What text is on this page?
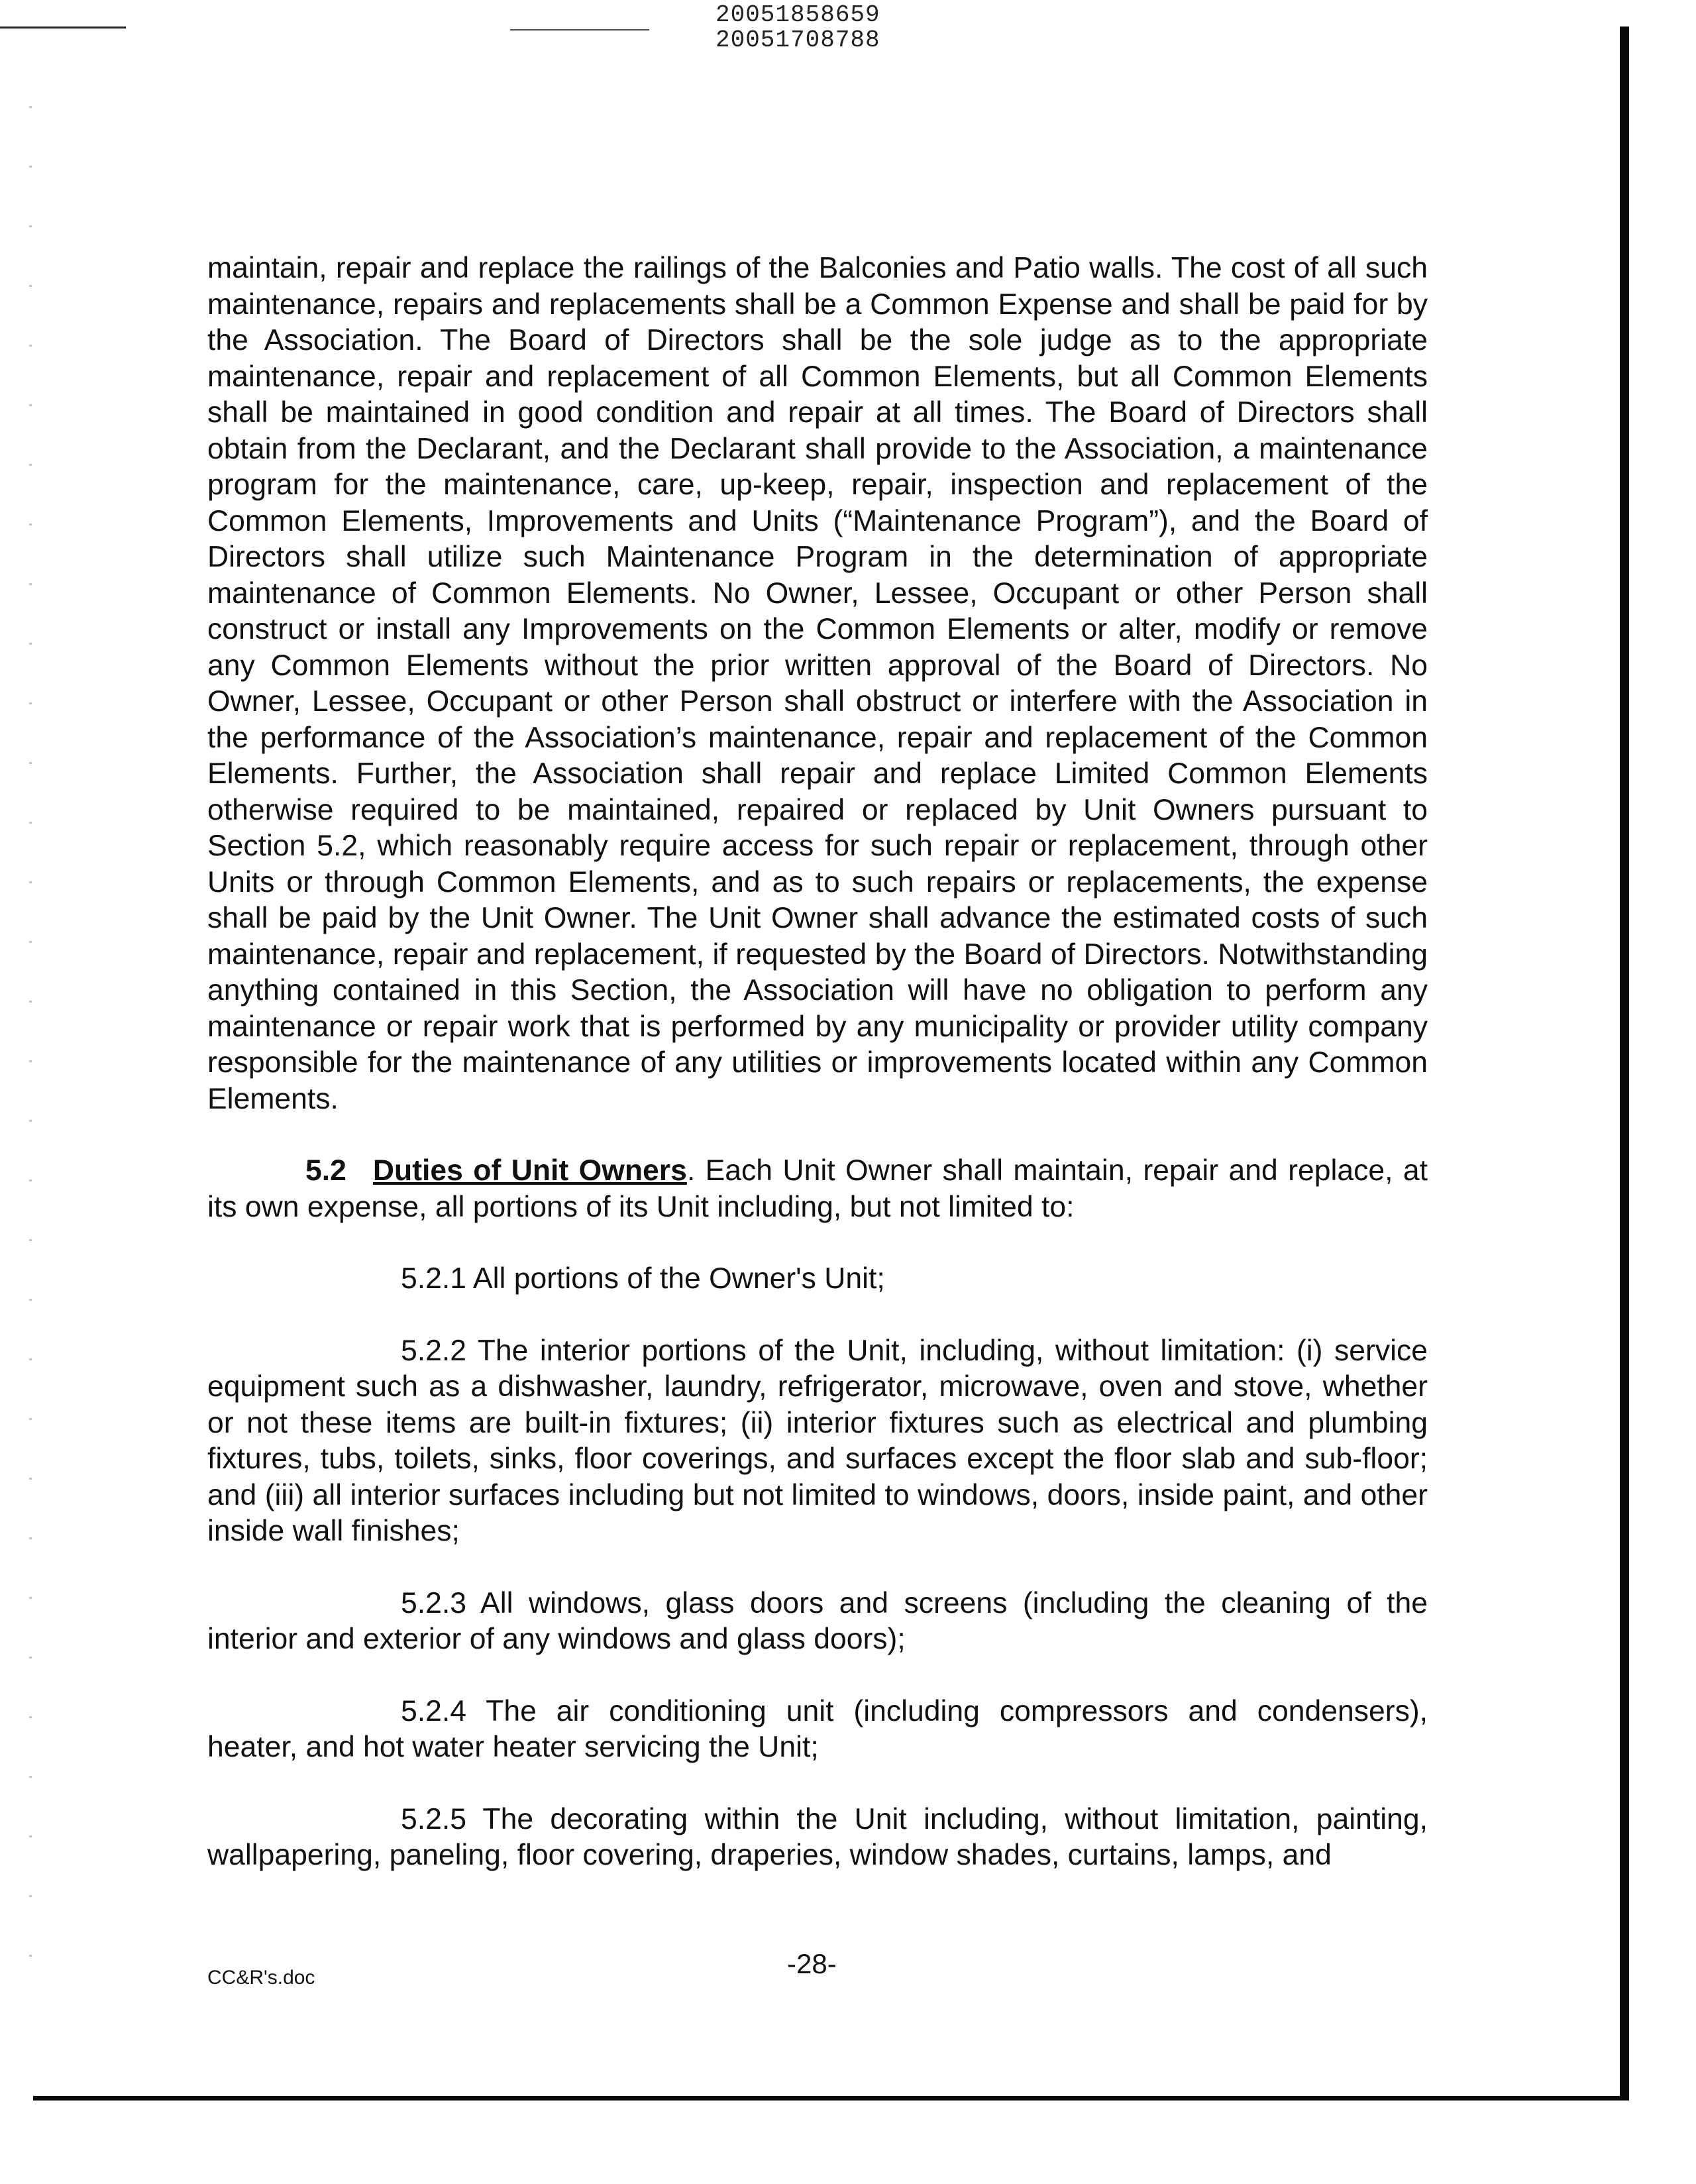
20051858659
20051708788

maintain, repair and replace the railings of the Balconies and Patio walls. The cost of all such maintenance, repairs and replacements shall be a Common Expense and shall be paid for by the Association. The Board of Directors shall be the sole judge as to the appropriate maintenance, repair and replacement of all Common Elements, but all Common Elements shall be maintained in good condition and repair at all times. The Board of Directors shall obtain from the Declarant, and the Declarant shall provide to the Association, a maintenance program for the maintenance, care, up-keep, repair, inspection and replacement of the Common Elements, Improvements and Units (“Maintenance Program”), and the Board of Directors shall utilize such Maintenance Program in the determination of appropriate maintenance of Common Elements. No Owner, Lessee, Occupant or other Person shall construct or install any Improvements on the Common Elements or alter, modify or remove any Common Elements without the prior written approval of the Board of Directors. No Owner, Lessee, Occupant or other Person shall obstruct or interfere with the Association in the performance of the Association’s maintenance, repair and replacement of the Common Elements. Further, the Association shall repair and replace Limited Common Elements otherwise required to be maintained, repaired or replaced by Unit Owners pursuant to Section 5.2, which reasonably require access for such repair or replacement, through other Units or through Common Elements, and as to such repairs or replacements, the expense shall be paid by the Unit Owner. The Unit Owner shall advance the estimated costs of such maintenance, repair and replacement, if requested by the Board of Directors. Notwithstanding anything contained in this Section, the Association will have no obligation to perform any maintenance or repair work that is performed by any municipality or provider utility company responsible for the maintenance of any utilities or improvements located within any Common Elements.

5.2 Duties of Unit Owners. Each Unit Owner shall maintain, repair and replace, at its own expense, all portions of its Unit including, but not limited to:

5.2.1 All portions of the Owner's Unit;

5.2.2 The interior portions of the Unit, including, without limitation: (i) service equipment such as a dishwasher, laundry, refrigerator, microwave, oven and stove, whether or not these items are built-in fixtures; (ii) interior fixtures such as electrical and plumbing fixtures, tubs, toilets, sinks, floor coverings, and surfaces except the floor slab and sub-floor; and (iii) all interior surfaces including but not limited to windows, doors, inside paint, and other inside wall finishes;

5.2.3 All windows, glass doors and screens (including the cleaning of the interior and exterior of any windows and glass doors);

5.2.4 The air conditioning unit (including compressors and condensers), heater, and hot water heater servicing the Unit;

5.2.5 The decorating within the Unit including, without limitation, painting, wallpapering, paneling, floor covering, draperies, window shades, curtains, lamps, and

CC&R's.doc	-28-
